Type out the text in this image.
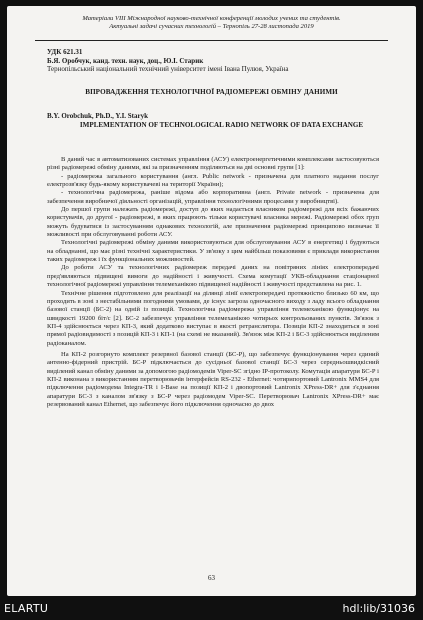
Матеріали VIII Міжнародної науково-технічної конференції молодих учених та студентів.
Актуальні задачі сучасних технологій – Тернопіль 27-28 листопада 2019
УДК 621.31
Б.Я. Оробчук, канд. техн. наук, доц., Ю.І. Старик
Тернопільський національний технічний університет імені Івана Пулюя, Україна
ВПРОВАДЖЕННЯ ТЕХНОЛОГІЧНОЇ РАДІОМЕРЕЖІ ОБМІНУ ДАНИМИ
B.Y. Orobchuk, Ph.D., Y.I. Staryk
IMPLEMENTATION OF TECHNOLOGICAL RADIO NETWORK OF DATA EXCHANGE

В даний час в автоматизованих системах управління (АСУ) електроенергетичними комплексами застосовуються різні радіомережі обміну даними, які за призначенням поділяються на дві основні групи [1]:

- радіомережа загального користування (англ. Public network - призначена для платного надання послуг електрозв'язку будь-якому користувачеві на території України);

- технологічна радіомережа, раніше відома або корпоративна (англ. Private network - призначена для забезпечення виробничої діяльності організацій, управління технологічними процесами у виробництві).

До першої групи належать радіомережі, доступ до яких надається власником радіомережі для всіх бажаючих користувачів, до другої - радіомережі, в яких працюють тільки користувачі власника мережі. Радіомережі обох груп можуть будуватися із застосуванням однакових технологій, але призначення радіомережі принципово визначає її можливості при обслуговуванні роботи АСУ.

Технологічні радіомережі обміну даними використовуються для обслуговування АСУ в енергетиці і будуються на обладнанні, що має різні технічні характеристики. У зв'язку з цим найбільш показовими є приклади використання таких радіомереж і їх функціональних можливостей.

До роботи АСУ та технологічних радіомереж передачі даних на повітряних лініях електропередачі пред'являються підвищені вимоги до надійності і живучості. Схема комутації УКВ-обладнання стаціонарної технологічної радіомережі управління телемеханікою підвищеної надійності і живучості представлена на рис. 1.

Технічне рішення підготовлено для реалізації на ділянці лінії електропередачі протяжністю близько 60 км, що проходить в зоні з нестабільними погодними умовами, де існує загроза одночасного виходу з ладу всього обладнання базової станції (БС-2) на одній із позицій. Технологічна радіомережа управління телемеханікою функціонує на швидкості 19200 біт/с [2]. БС-2 забезпечує управління телемеханікою чотирьох контрольованих пунктів. Зв'язок з КП-4 здійснюється через КП-3, який додатково виступає в якості ретранслятора. Позиція КП-2 знаходиться в зоні прямої радіовидимості з позицій КП-3 і КП-1 (на схемі не вказаний). Зв'язок між КП-2 і БС-3 здійснюється виділеним радіоканалом.

На КП-2 розгорнуто комплект резервної базової станції (БС-Р), що забезпечує функціонування через єдиний антенно-фідерний пристрій. БС-Р підключається до сусідньої базової станції БС-3 через середньошвидкісний виділений канал обміну даними за допомогою радіомодемів Viper-SC згідно ІР-протоколу. Комутація апаратури БС-Р і КП-2 виконана з використанням перетворювачів інтерфейсів RS-232 - Ethernet: чотирипортовий Lantronix MMS4 для підключення радіомодема Integra-TR і I-Base на позиції КП-2 і двопортовий Lantronix XPress-DR+ для з'єднання апаратури БС-3 з каналом зв'язку з БС-Р через радіомодем Viper-SC. Перетворювач Lantronix XPress-DR+ має резервований канал Ethernet, що забезпечує його підключення одночасно до двох

63
ELARTU	hdl:lib/31036
